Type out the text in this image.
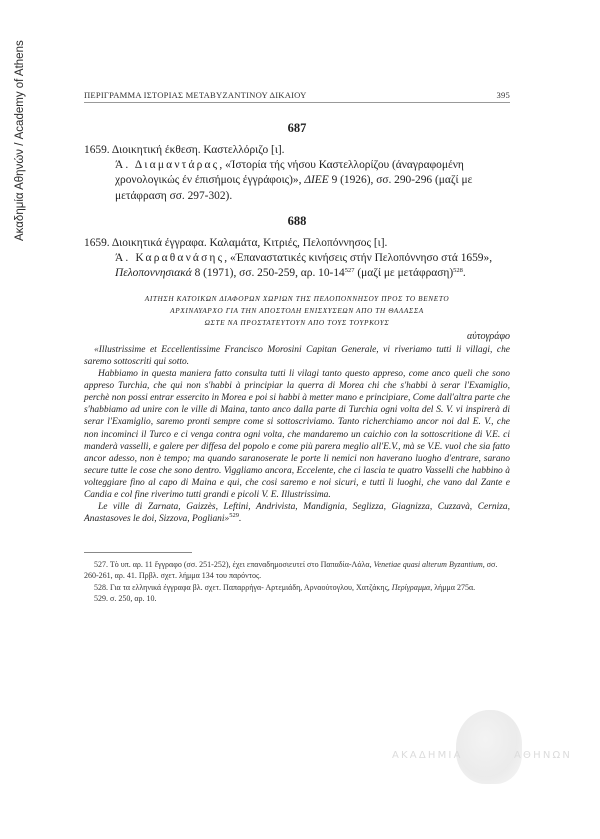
Ακαδημία Αθηνών / Academy of Athens	ΠΕΡΙΓΡΑΜΜΑ ΙΣΤΟΡΙΑΣ ΜΕΤΑΒΥΖΑΝΤΙΝΟΥ ΔΙΚΑΙΟΥ	395
687
1659. Διοικητική έκθεση. Καστελλόριζο [ι].
Ά. Διαμαντάρας, «Ίστορία τής νήσου Καστελλορίζου (άναγραφομένη χρονολογικώς έν έπισήμοις έγγράφοις)», ΔΙΕΕ 9 (1926), σσ. 290-296 (μαζί με μετάφραση σσ. 297-302).
688
1659. Διοικητικά έγγραφα. Καλαμάτα, Κιτριές, Πελοπόννησος [ι].
Ά. Καραθανάσης, «Έπαναστατικές κινήσεις στήν Πελοπόννησο στά 1659», Πελοποννησιακά 8 (1971), σσ. 250-259, αρ. $10-14^{527}$ (μαζί με μετάφραση)$^{528}$.
ΑΙΤΗΣΗ ΚΑΤΟΙΚΩΝ ΔΙΑΦΟΡΩΝ ΧΩΡΙΩΝ ΤΗΣ ΠΕΛΟΠΟΝΝΗΣΟΥ ΠΡΟΣ ΤΟ ΒΕΝΕΤΟ
ΑΡΧΙΝΑΥΑΡΧΟ ΓΙΑ ΤΗΝ ΑΠΟΣΤΟΛΗ ΕΝΙΣΧΥΣΕΩΝ ΑΠΟ ΤΗ ΘΑΛΑΣΣΑ
ΩΣΤΕ ΝΑ ΠΡΟΣΤΑΤΕΥΤΟΥΝ ΑΠΟ ΤΟΥΣ ΤΟΥΡΚΟΥΣ
αὐτογράφο

«Illustrissime et Eccellentissime Francisco Morosini Capitan Generale, vi riveriamo tutti li villagi, che saremo sottoscriti qui sotto.

Habbiamo in questa maniera fatto consulta tutti li vilagi tanto questo appreso, come anco queli che sono appreso Turchia, che qui non s'habbi à principiar la querra di Morea chi che s'habbi à serar l'Examiglio, perchè non possi entrar essercito in Morea e poi si habbi à metter mano e principiare, Come dall'altra parte che s'habbiamo ad unire con le ville di Maina, tanto anco dalla parte di Turchia ogni volta del S. V. vi inspirerà di serar l'Examiglio, saremo pronti sempre come si sottoscriviamo. Tanto richerchiamo ancor noi dal E. V., che non incominci il Turco e ci venga contra ogni volta, che mandaremo un caichio con la sottoscritione di V.E. ci manderà vasselli, e galere per diffesa del popolo e come più parera meglio all'E.V., mà se V.E. vuol che sia fatto ancor adesso, non è tempo; ma quando saranoserate le porte li nemici non haverano luogho d'entrare, sarano secure tutte le cose che sono dentro. Viggliamo ancora, Eccelente, che ci lascia te quatro Vasselli che habbino à volteggiare fino al capo di Maina e qui, che cosi saremo e noi sicuri, e tutti li luoghi, che vano dal Zante e Candia e col fine riverimo tutti grandi e picoli V. E. Illustrissima.

Le ville di Zarnata, Gaizzès, Leftini, Andrivista, Mandignia, Seglizza, Giagnizza, Cuzzavà, Cerniza, Anastasoves le doi, Sizzova, Pogliani»$^{529}$.

527. Τὸ υπ. αρ. 11 ἔγγραφο (σσ. 251-252), έχει επαναδημοσιευτεί στο Παπαδία-Λάλα, Venetiae quasi alterum Byzantium, σσ. 260-261, αρ. 41. Πρβλ. σχετ. λήμμα 134 του παρόντος.

528. Για τα ελληνικά έγγραφα βλ. σχετ. Παπαρρήγα- Αρτεμιάδη, Αρναούτογλου, Χατζάκης, Περίγραμμα, λήμμα 275α.

529. σ. 250, αρ. 10.

ΑΚΑΔΗΜΙΑ	ΑΘΗΝΩΝ
